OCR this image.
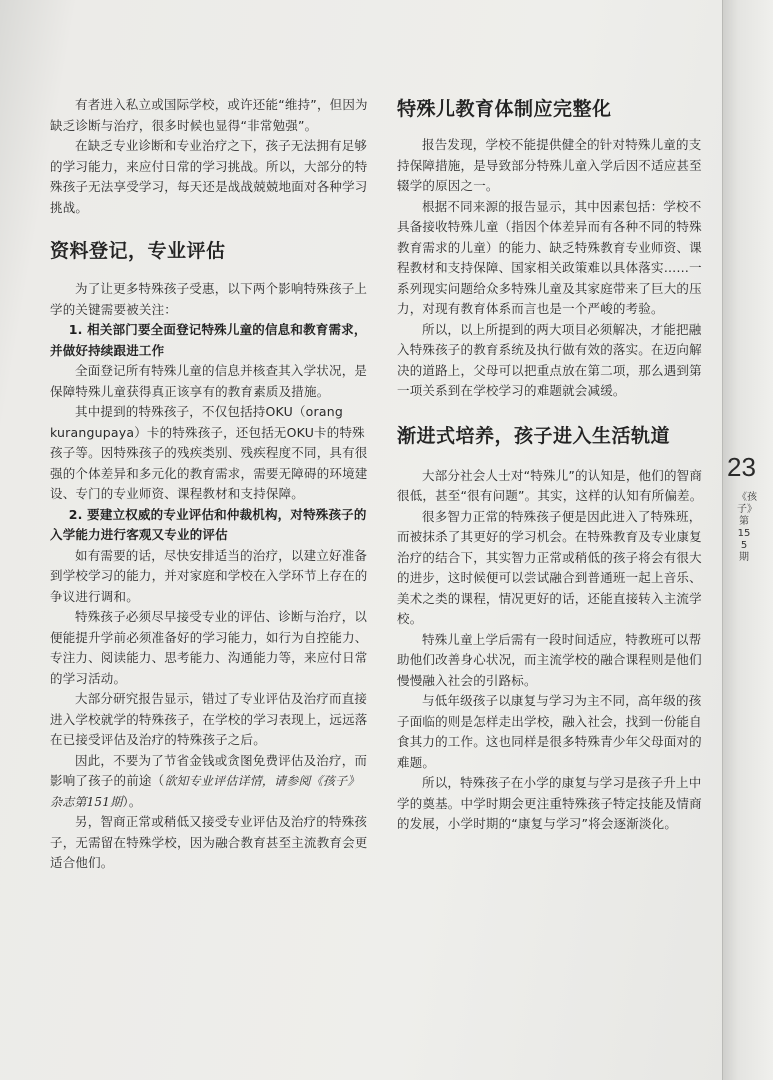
有者进入私立或国际学校，或许还能“维持”，但因为缺乏诊断与治疗，很多时候也显得“非常勉强”。

在缺乏专业诊断和专业治疗之下，孩子无法拥有足够的学习能力，来应付日常的学习挑战。所以，大部分的特殊孩子无法享受学习，每天还是战战兢兢地面对各种学习挑战。

资料登记，专业评估

为了让更多特殊孩子受惠，以下两个影响特殊孩子上学的关键需要被关注：

1. 相关部门要全面登记特殊儿童的信息和教育需求，并做好持续跟进工作

全面登记所有特殊儿童的信息并核查其入学状况，是保障特殊儿童获得真正该享有的教育素质及措施。

其中提到的特殊孩子，不仅包括持OKU（orang kurangupaya）卡的特殊孩子，还包括无OKU卡的特殊孩子等。因特殊孩子的残疾类别、残疾程度不同，具有很强的个体差异和多元化的教育需求，需要无障碍的环境建设、专门的专业师资、课程教材和支持保障。

2. 要建立权威的专业评估和仲裁机构，对特殊孩子的入学能力进行客观又专业的评估

如有需要的话，尽快安排适当的治疗，以建立好准备到学校学习的能力，并对家庭和学校在入学环节上存在的争议进行调和。

特殊孩子必须尽早接受专业的评估、诊断与治疗，以便能提升学前必须准备好的学习能力，如行为自控能力、专注力、阅读能力、思考能力、沟通能力等，来应付日常的学习活动。

大部分研究报告显示，错过了专业评估及治疗而直接进入学校就学的特殊孩子，在学校的学习表现上，远远落在已接受评估及治疗的特殊孩子之后。

因此，不要为了节省金钱或贪图免费评估及治疗，而影响了孩子的前途（欲知专业评估详情，请参阅《孩子》杂志第151期）。

另，智商正常或稍低又接受专业评估及治疗的特殊孩子，无需留在特殊学校，因为融合教育甚至主流教育会更适合他们。

特殊儿教育体制应完整化

报告发现，学校不能提供健全的针对特殊儿童的支持保障措施，是导致部分特殊儿童入学后因不适应甚至辍学的原因之一。

根据不同来源的报告显示，其中因素包括：学校不具备接收特殊儿童（指因个体差异而有各种不同的特殊教育需求的儿童）的能力、缺乏特殊教育专业师资、课程教材和支持保障、国家相关政策难以具体落实……一系列现实问题给众多特殊儿童及其家庭带来了巨大的压力，对现有教育体系而言也是一个严峻的考验。

所以，以上所提到的两大项目必须解决，才能把融入特殊孩子的教育系统及执行做有效的落实。在迈向解决的道路上，父母可以把重点放在第二项，那么遇到第一项关系到在学校学习的难题就会减缓。

渐进式培养，孩子进入生活轨道

大部分社会人士对“特殊儿”的认知是，他们的智商很低，甚至“很有问题”。其实，这样的认知有所偏差。

很多智力正常的特殊孩子便是因此进入了特殊班，而被抹杀了其更好的学习机会。在特殊教育及专业康复治疗的结合下，其实智力正常或稍低的孩子将会有很大的进步，这时候便可以尝试融合到普通班一起上音乐、美术之类的课程，情况更好的话，还能直接转入主流学校。

特殊儿童上学后需有一段时间适应，特教班可以帮助他们改善身心状况，而主流学校的融合课程则是他们慢慢融入社会的引路标。

与低年级孩子以康复与学习为主不同，高年级的孩子面临的则是怎样走出学校，融入社会，找到一份能自食其力的工作。这也同样是很多特殊青少年父母面对的难题。

所以，特殊孩子在小学的康复与学习是孩子升上中学的奠基。中学时期会更注重特殊孩子特定技能及情商的发展，小学时期的“康复与学习”将会逐渐淡化。

23
《孩子》第155期
